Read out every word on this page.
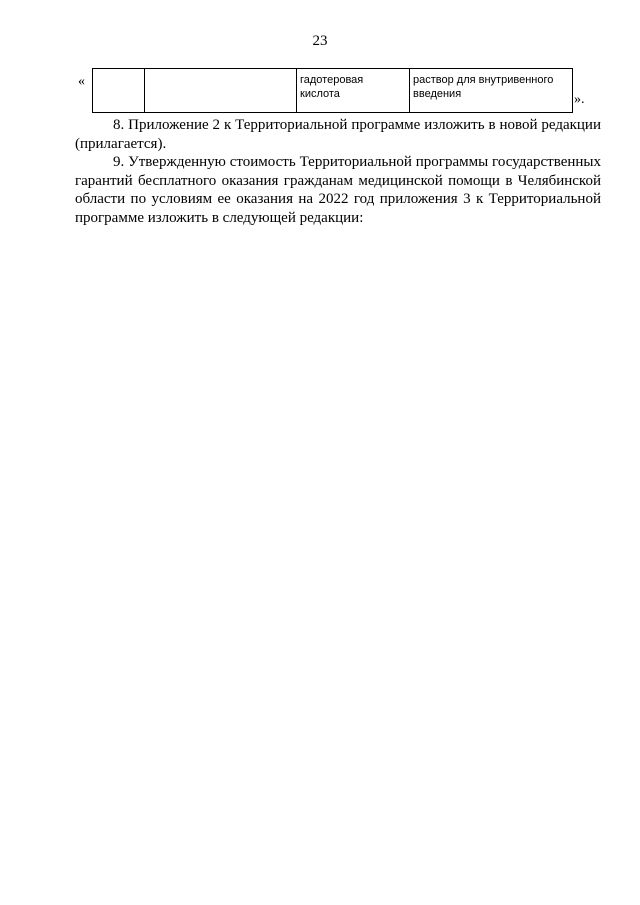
23
«
			гадотеровая кислота	раствор для внутривенного введения	».

8. Приложение 2 к Территориальной программе изложить в новой редакции (прилагается).

9. Утвержденную стоимость Территориальной программы государственных гарантий бесплатного оказания гражданам медицинской помощи в Челябинской области по условиям ее оказания на 2022 год приложения 3 к Территориальной программе изложить в следующей редакции:
